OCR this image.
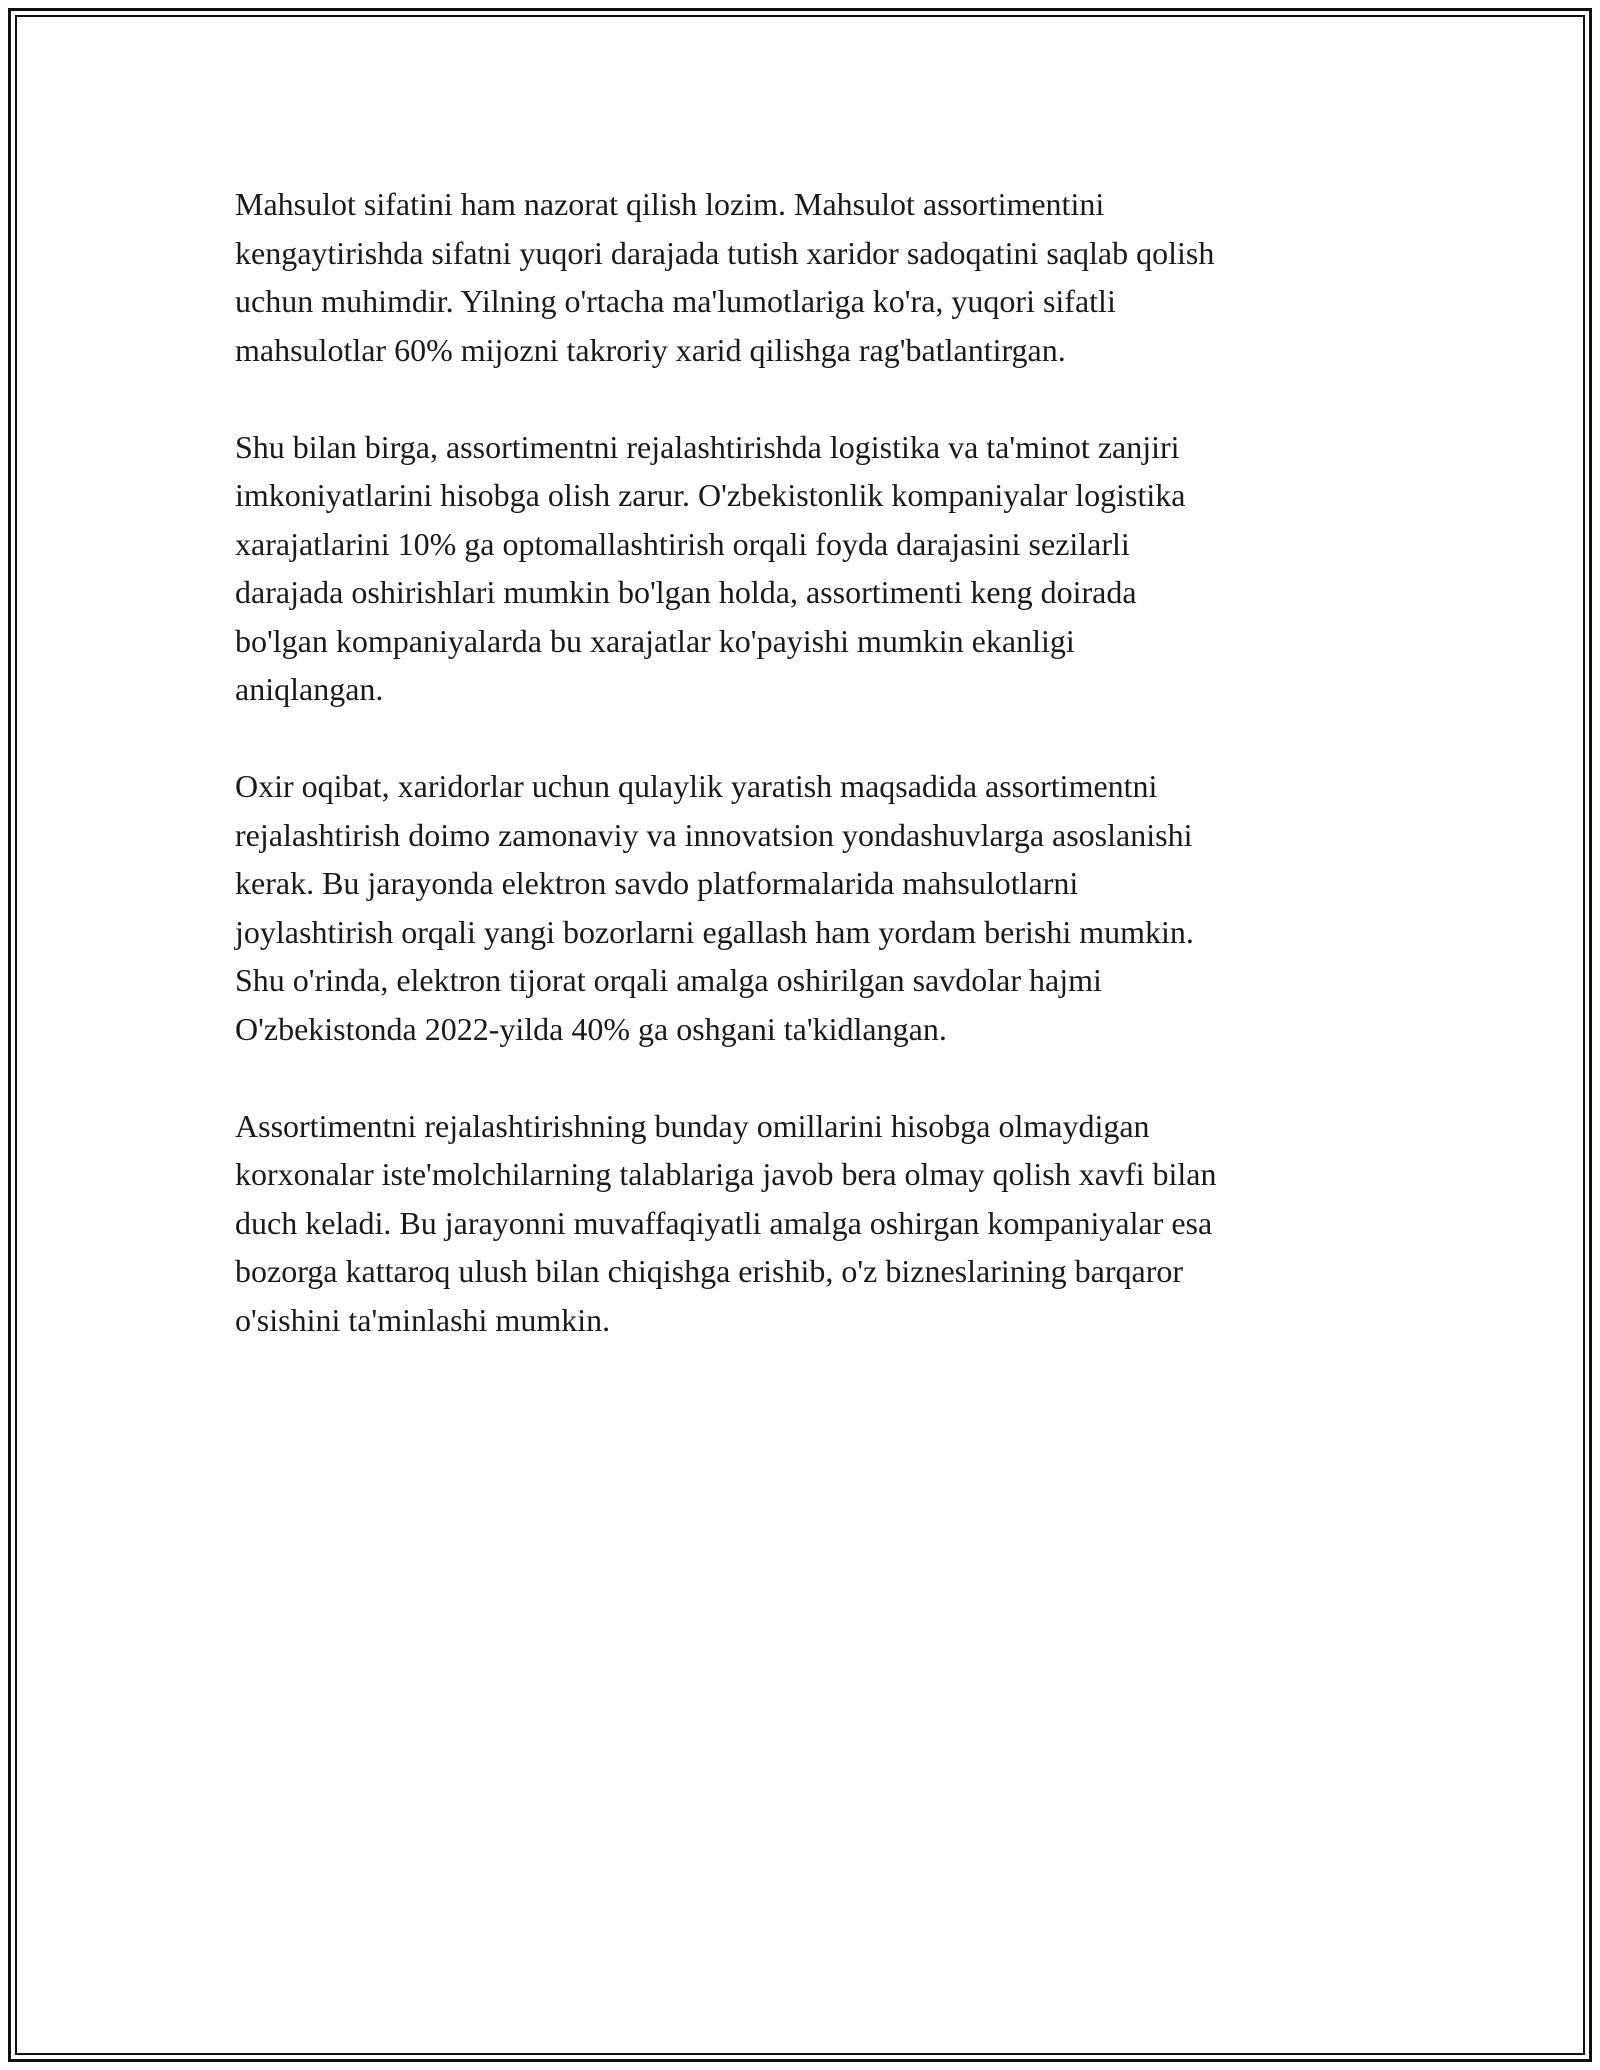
Mahsulot sifatini ham nazorat qilish lozim. Mahsulot assortimentini
kengaytirishda sifatni yuqori darajada tutish xaridor sadoqatini saqlab qolish
uchun muhimdir. Yilning o'rtacha ma'lumotlariga ko'ra, yuqori sifatli
mahsulotlar 60% mijozni takroriy xarid qilishga rag'batlantirgan.

Shu bilan birga, assortimentni rejalashtirishda logistika va ta'minot zanjiri
imkoniyatlarini hisobga olish zarur. O'zbekistonlik kompaniyalar logistika
xarajatlarini 10% ga optomallashtirish orqali foyda darajasini sezilarli
darajada oshirishlari mumkin bo'lgan holda, assortimenti keng doirada
bo'lgan kompaniyalarda bu xarajatlar ko'payishi mumkin ekanligi
aniqlangan.

Oxir oqibat, xaridorlar uchun qulaylik yaratish maqsadida assortimentni
rejalashtirish doimo zamonaviy va innovatsion yondashuvlarga asoslanishi
kerak. Bu jarayonda elektron savdo platformalarida mahsulotlarni
joylashtirish orqali yangi bozorlarni egallash ham yordam berishi mumkin.
Shu o'rinda, elektron tijorat orqali amalga oshirilgan savdolar hajmi
O'zbekistonda 2022-yilda 40% ga oshgani ta'kidlangan.

Assortimentni rejalashtirishning bunday omillarini hisobga olmaydigan
korxonalar iste'molchilarning talablariga javob bera olmay qolish xavfi bilan
duch keladi. Bu jarayonni muvaffaqiyatli amalga oshirgan kompaniyalar esa
bozorga kattaroq ulush bilan chiqishga erishib, o'z bizneslarining barqaror
o'sishini ta'minlashi mumkin.
